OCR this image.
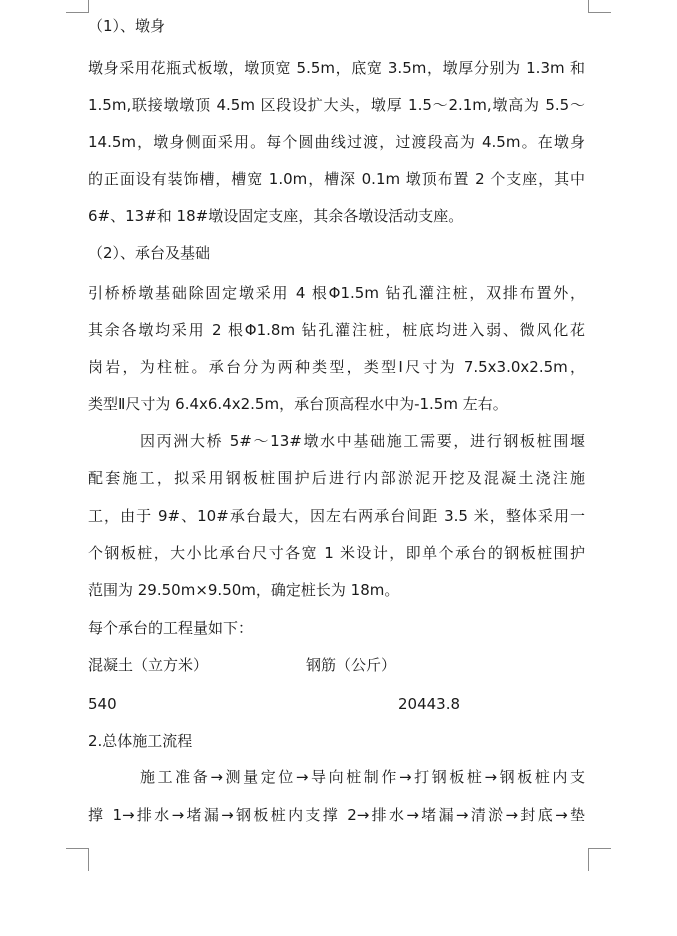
（1）、墩身
墩身采用花瓶式板墩，墩顶宽 5.5m，底宽 3.5m，墩厚分别为 1.3m 和
1.5m,联接墩墩顶 4.5m 区段设扩大头，墩厚 1.5～2.1m,墩高为 5.5～
14.5m，墩身侧面采用。每个圆曲线过渡，过渡段高为 4.5m。在墩身
的正面设有装饰槽，槽宽 1.0m，槽深 0.1m 墩顶布置 2 个支座，其中
6#、13#和 18#墩设固定支座，其余各墩设活动支座。
（2）、承台及基础
引桥桥墩基础除固定墩采用 4 根Φ1.5m 钻孔灌注桩，双排布置外，
其余各墩均采用 2 根Φ1.8m 钻孔灌注桩，桩底均进入弱、微风化花
岗岩，为柱桩。承台分为两种类型，类型Ⅰ尺寸为 7.5x3.0x2.5m，
类型Ⅱ尺寸为 6.4x6.4x2.5m，承台顶高程水中为-1.5m 左右。
因丙洲大桥 5#～13#墩水中基础施工需要，进行钢板桩围堰
配套施工，拟采用钢板桩围护后进行内部淤泥开挖及混凝土浇注施
工，由于 9#、10#承台最大，因左右两承台间距 3.5 米，整体采用一
个钢板桩，大小比承台尺寸各宽 1 米设计，即单个承台的钢板桩围护
范围为 29.50m×9.50m，确定桩长为 18m。
每个承台的工程量如下：
混凝土（立方米）	钢筋（公斤）
540	20443.8
2.总体施工流程
施工准备→测量定位→导向桩制作→打钢板桩→钢板桩内支
撑 1→排水→堵漏→钢板桩内支撑 2→排水→堵漏→清淤→封底→垫
